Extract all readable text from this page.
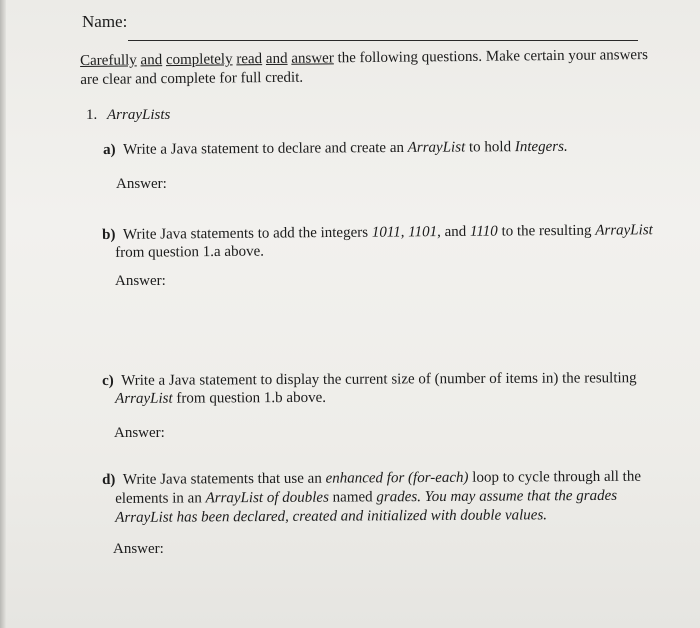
Name:
Carefully and completely read and answer the following questions. Make certain your answers
are clear and complete for full credit.
1. ArrayLists
a) Write a Java statement to declare and create an ArrayList to hold Integers.
Answer:
b) Write Java statements to add the integers 1011, 1101, and 1110 to the resulting ArrayList
from question 1.a above.
Answer:
c) Write a Java statement to display the current size of (number of items in) the resulting
ArrayList from question 1.b above.
Answer:
d) Write Java statements that use an enhanced for (for-each) loop to cycle through all the
elements in an ArrayList of doubles named grades. You may assume that the grades
ArrayList has been declared, created and initialized with double values.
Answer:
